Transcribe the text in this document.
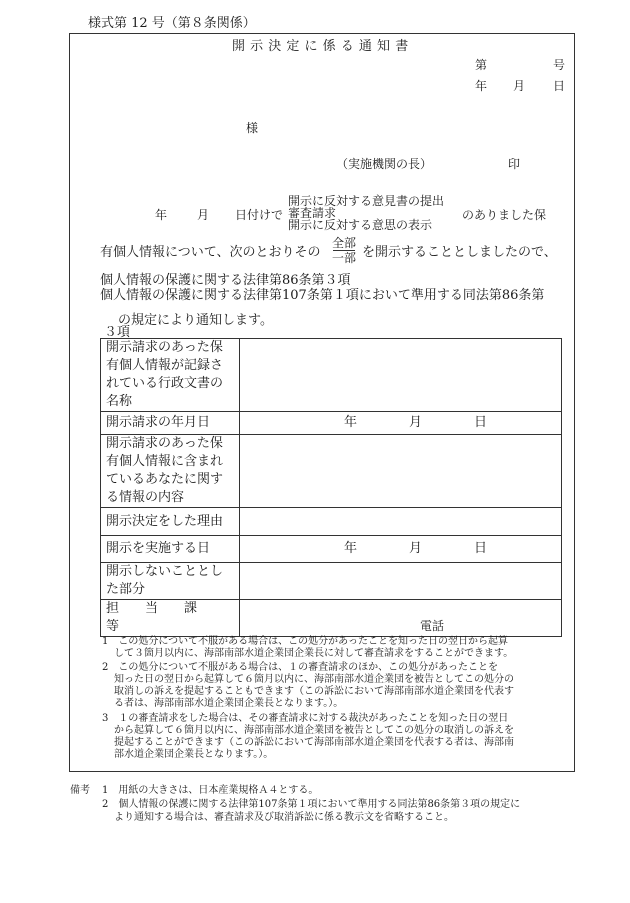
様式第 12 号（第８条関係）
開 示 決 定 に 係 る 通 知 書
第	号
年 月 日
様
（実施機関の長）	印
年 月 日付けで
開示に反対する意見書の提出
審査請求
開示に反対する意思の表示
のありました保
有個人情報について、次のとおりその
全部
一部 を開示することとしましたので、
個人情報の保護に関する法律第86条第３項
個人情報の保護に関する法律第107条第１項において準用する同法第86条第
の規定により通知します。
３項
開示請求のあった保
有個人情報が記録さ
れている行政文書の
名称	

開示請求の年月日	年 月 日

開示請求のあった保
有個人情報に含まれ
ているあなたに関す
る情報の内容	

開示決定をした理由	

開示を実施する日	年 月 日

開示しないこととし
た部分	

担　　当　　課　　等	電話
1　この処分について不服がある場合は、この処分があったことを知った日の翌日から起算
して３箇月以内に、海部南部水道企業団企業長に対して審査請求をすることができます。
2　この処分について不服がある場合は、１の審査請求のほか、この処分があったことを
知った日の翌日から起算して６箇月以内に、海部南部水道企業団を被告としてこの処分の
取消しの訴えを提起することもできます（この訴訟において海部南部水道企業団を代表す
る者は、海部南部水道企業団企業長となります。）。
3　１の審査請求をした場合は、その審査請求に対する裁決があったことを知った日の翌日
から起算して６箇月以内に、海部南部水道企業団を被告としてこの処分の取消しの訴えを
提起することができます（この訴訟において海部南部水道企業団を代表する者は、海部南
部水道企業団企業長となります。）。
備考 1　用紙の大きさは、日本産業規格Ａ４とする。
2　個人情報の保護に関する法律第107条第１項において準用する同法第86条第３項の規定に
より通知する場合は、審査請求及び取消訴訟に係る教示文を省略すること。
